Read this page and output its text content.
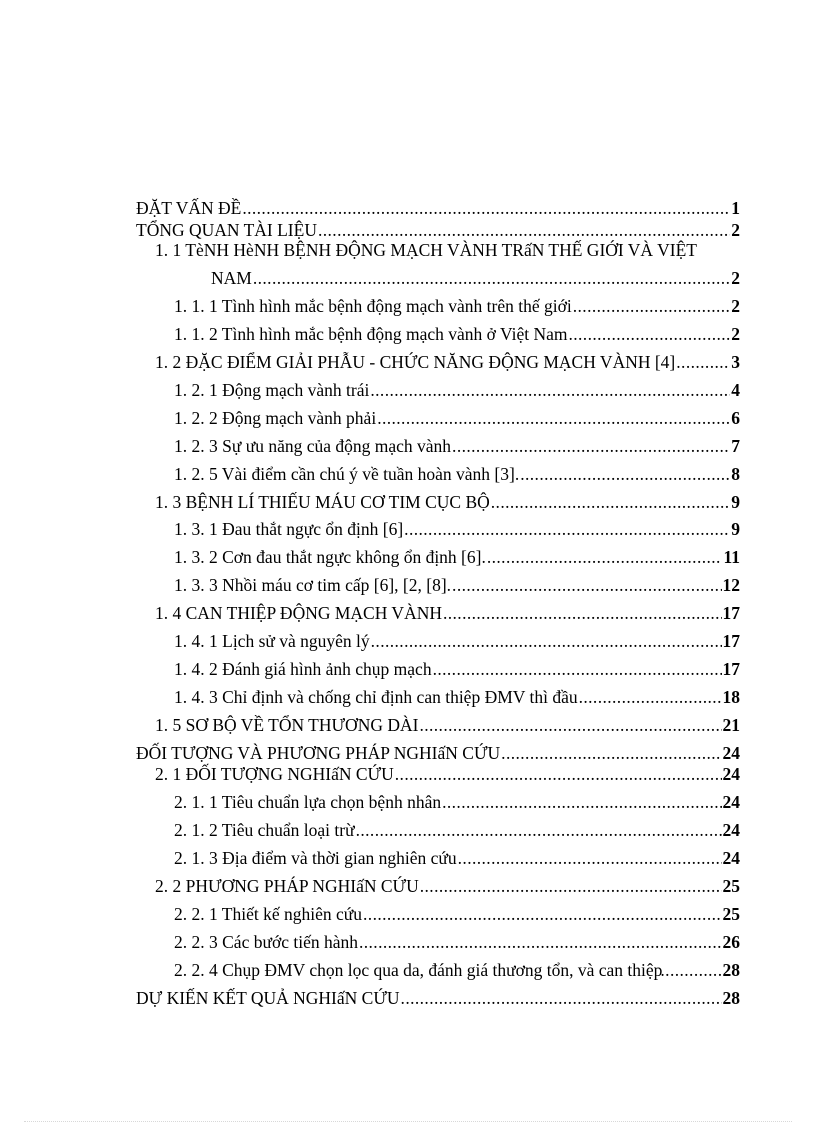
ĐẶT VẤN ĐỀ .....	1
TỔNG QUAN TÀI LIỆU .....	2
1. 1 TèNH HèNH BỆNH ĐỘNG MẠCH VÀNH TRấN THẾ GIỚI VÀ VIỆT
NAM .....	2
1. 1. 1 Tình hình mắc bệnh động mạch vành trên thế giới .....	2
1. 1. 2 Tình hình mắc bệnh động mạch vành ở Việt Nam .....	2
1. 2 ĐẶC ĐIỂM GIẢI PHẪU - CHỨC NĂNG ĐỘNG MẠCH VÀNH [4] .....	3
1. 2. 1 Động mạch vành trái .....	4
1. 2. 2 Động mạch vành phải .....	6
1. 2. 3 Sự ưu năng của động mạch vành .....	7
1. 2. 5 Vài điểm cần chú ý về tuần hoàn vành [3]. .....	8
1. 3 BỆNH LÍ THIẾU MÁU CƠ TIM CỤC BỘ .....	9
1. 3. 1 Đau thắt ngực ổn định [6] .....	9
1. 3. 2 Cơn đau thắt ngực không ổn định [6]. .....	11
1. 3. 3 Nhồi máu cơ tim cấp [6], [2, [8]. .....	12
1. 4 CAN THIỆP ĐỘNG MẠCH VÀNH .....	17
1. 4. 1 Lịch sử và nguyên lý .....	17
1. 4. 2 Đánh giá hình ảnh chụp mạch .....	17
1. 4. 3 Chỉ định và chống chỉ định can thiệp ĐMV thì đầu .....	18
1. 5 SƠ BỘ VỀ TỔN THƯƠNG DÀI .....	21
ĐỐI TƯỢNG VÀ PHƯƠNG PHÁP NGHIấN CỨU .....	24
2. 1 ĐỐI TƯỢNG NGHIấN CỨU .....	24
2. 1. 1 Tiêu chuẩn lựa chọn bệnh nhân .....	24
2. 1. 2 Tiêu chuẩn loại trừ .....	24
2. 1. 3 Địa điểm và thời gian nghiên cứu .....	24
2. 2 PHƯƠNG PHÁP NGHIấN CỨU .....	25
2. 2. 1 Thiết kế nghiên cứu .....	25
2. 2. 3 Các bước tiến hành .....	26
2. 2. 4 Chụp ĐMV chọn lọc qua da, đánh giá thương tổn, và can thiệp .....	28
DỰ KIẾN KẾT QUẢ NGHIấN CỨU .....	28
